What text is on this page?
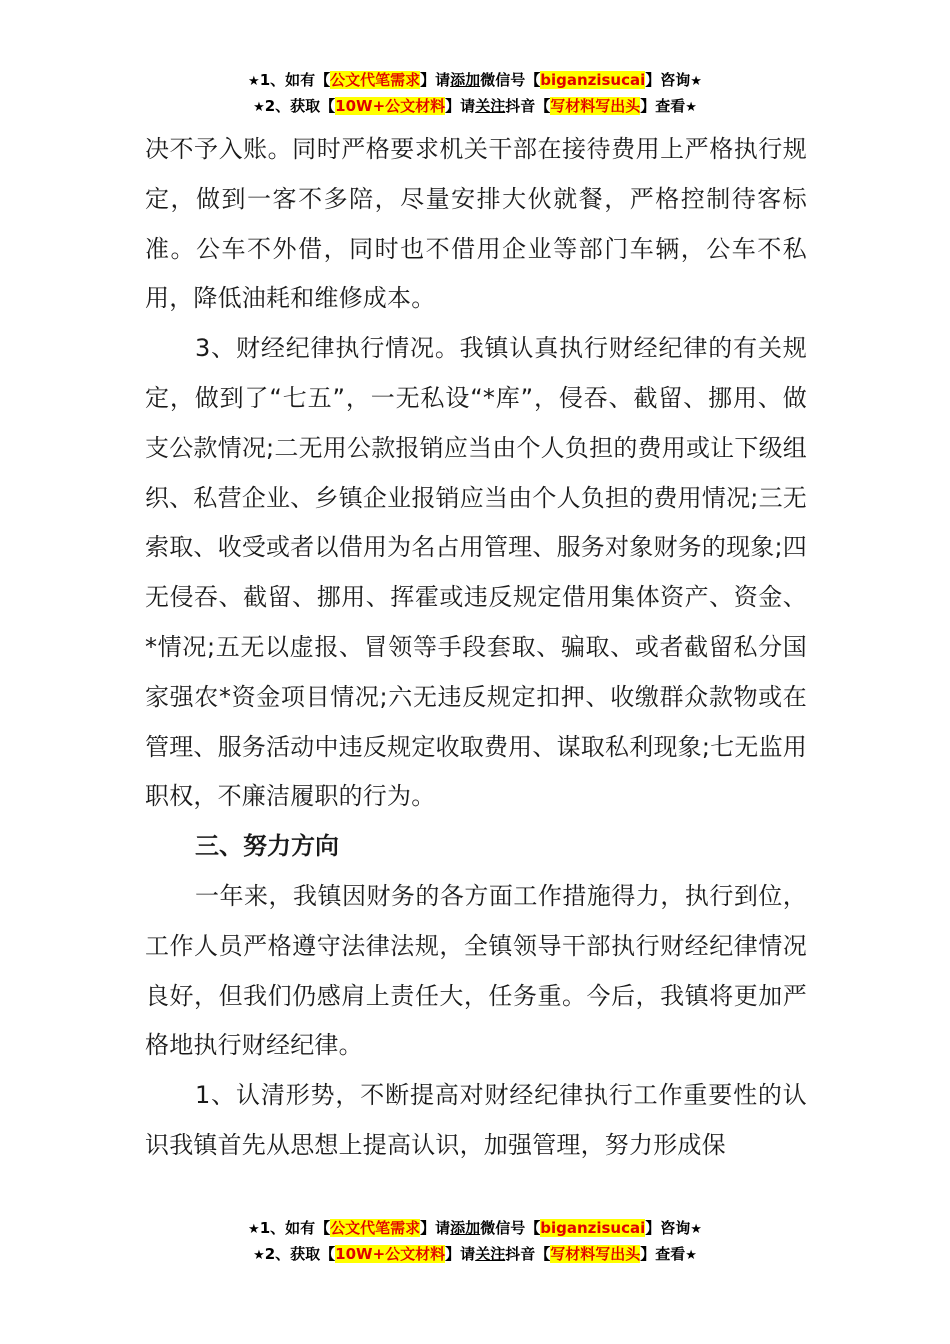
★1、如有【公文代笔需求】请添加微信号【biganzisucai】咨询★
★2、获取【10W+公文材料】请关注抖音【写材料写出头】查看★

决不予入账。同时严格要求机关干部在接待费用上严格执行规定，做到一客不多陪，尽量安排大伙就餐，严格控制待客标准。公车不外借，同时也不借用企业等部门车辆，公车不私用，降低油耗和维修成本。

3、财经纪律执行情况。我镇认真执行财经纪律的有关规定，做到了“七五”，一无私设“*库”，侵吞、截留、挪用、做支公款情况;二无用公款报销应当由个人负担的费用或让下级组织、私营企业、乡镇企业报销应当由个人负担的费用情况;三无索取、收受或者以借用为名占用管理、服务对象财务的现象;四无侵吞、截留、挪用、挥霍或违反规定借用集体资产、资金、*情况;五无以虚报、冒领等手段套取、骗取、或者截留私分国家强农*资金项目情况;六无违反规定扣押、收缴群众款物或在管理、服务活动中违反规定收取费用、谋取私利现象;七无监用职权，不廉洁履职的行为。

三、努力方向

一年来，我镇因财务的各方面工作措施得力，执行到位，工作人员严格遵守法律法规，全镇领导干部执行财经纪律情况良好，但我们仍感肩上责任大，任务重。今后，我镇将更加严格地执行财经纪律。

1、认清形势，不断提高对财经纪律执行工作重要性的认识我镇首先从思想上提高认识，加强管理，努力形成保

★1、如有【公文代笔需求】请添加微信号【biganzisucai】咨询★
★2、获取【10W+公文材料】请关注抖音【写材料写出头】查看★
